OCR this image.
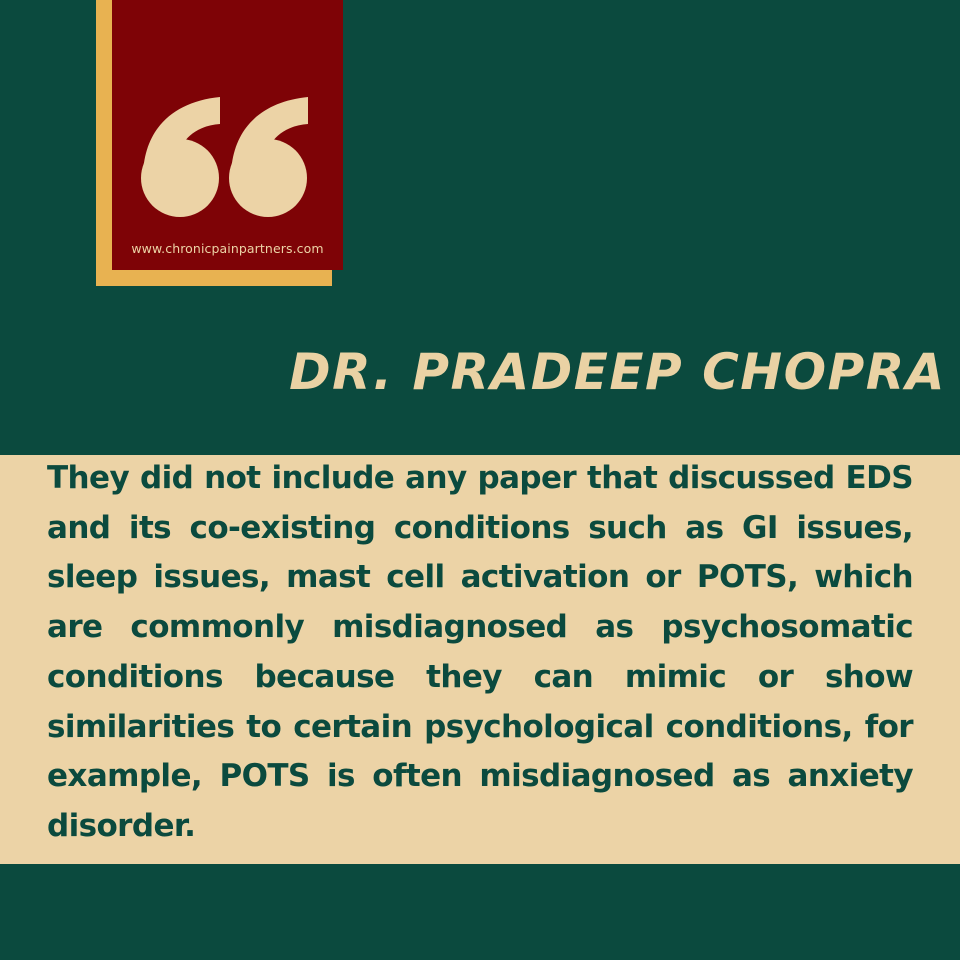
www.chronicpainpartners.com
DR. PRADEEP CHOPRA

They did not include any paper that discussed EDS and its co-existing conditions such as GI issues, sleep issues, mast cell activation or POTS, which are commonly misdiagnosed as psychosomatic conditions because they can mimic or show similarities to certain psychological conditions, for example, POTS is often misdiagnosed as anxiety disorder.
